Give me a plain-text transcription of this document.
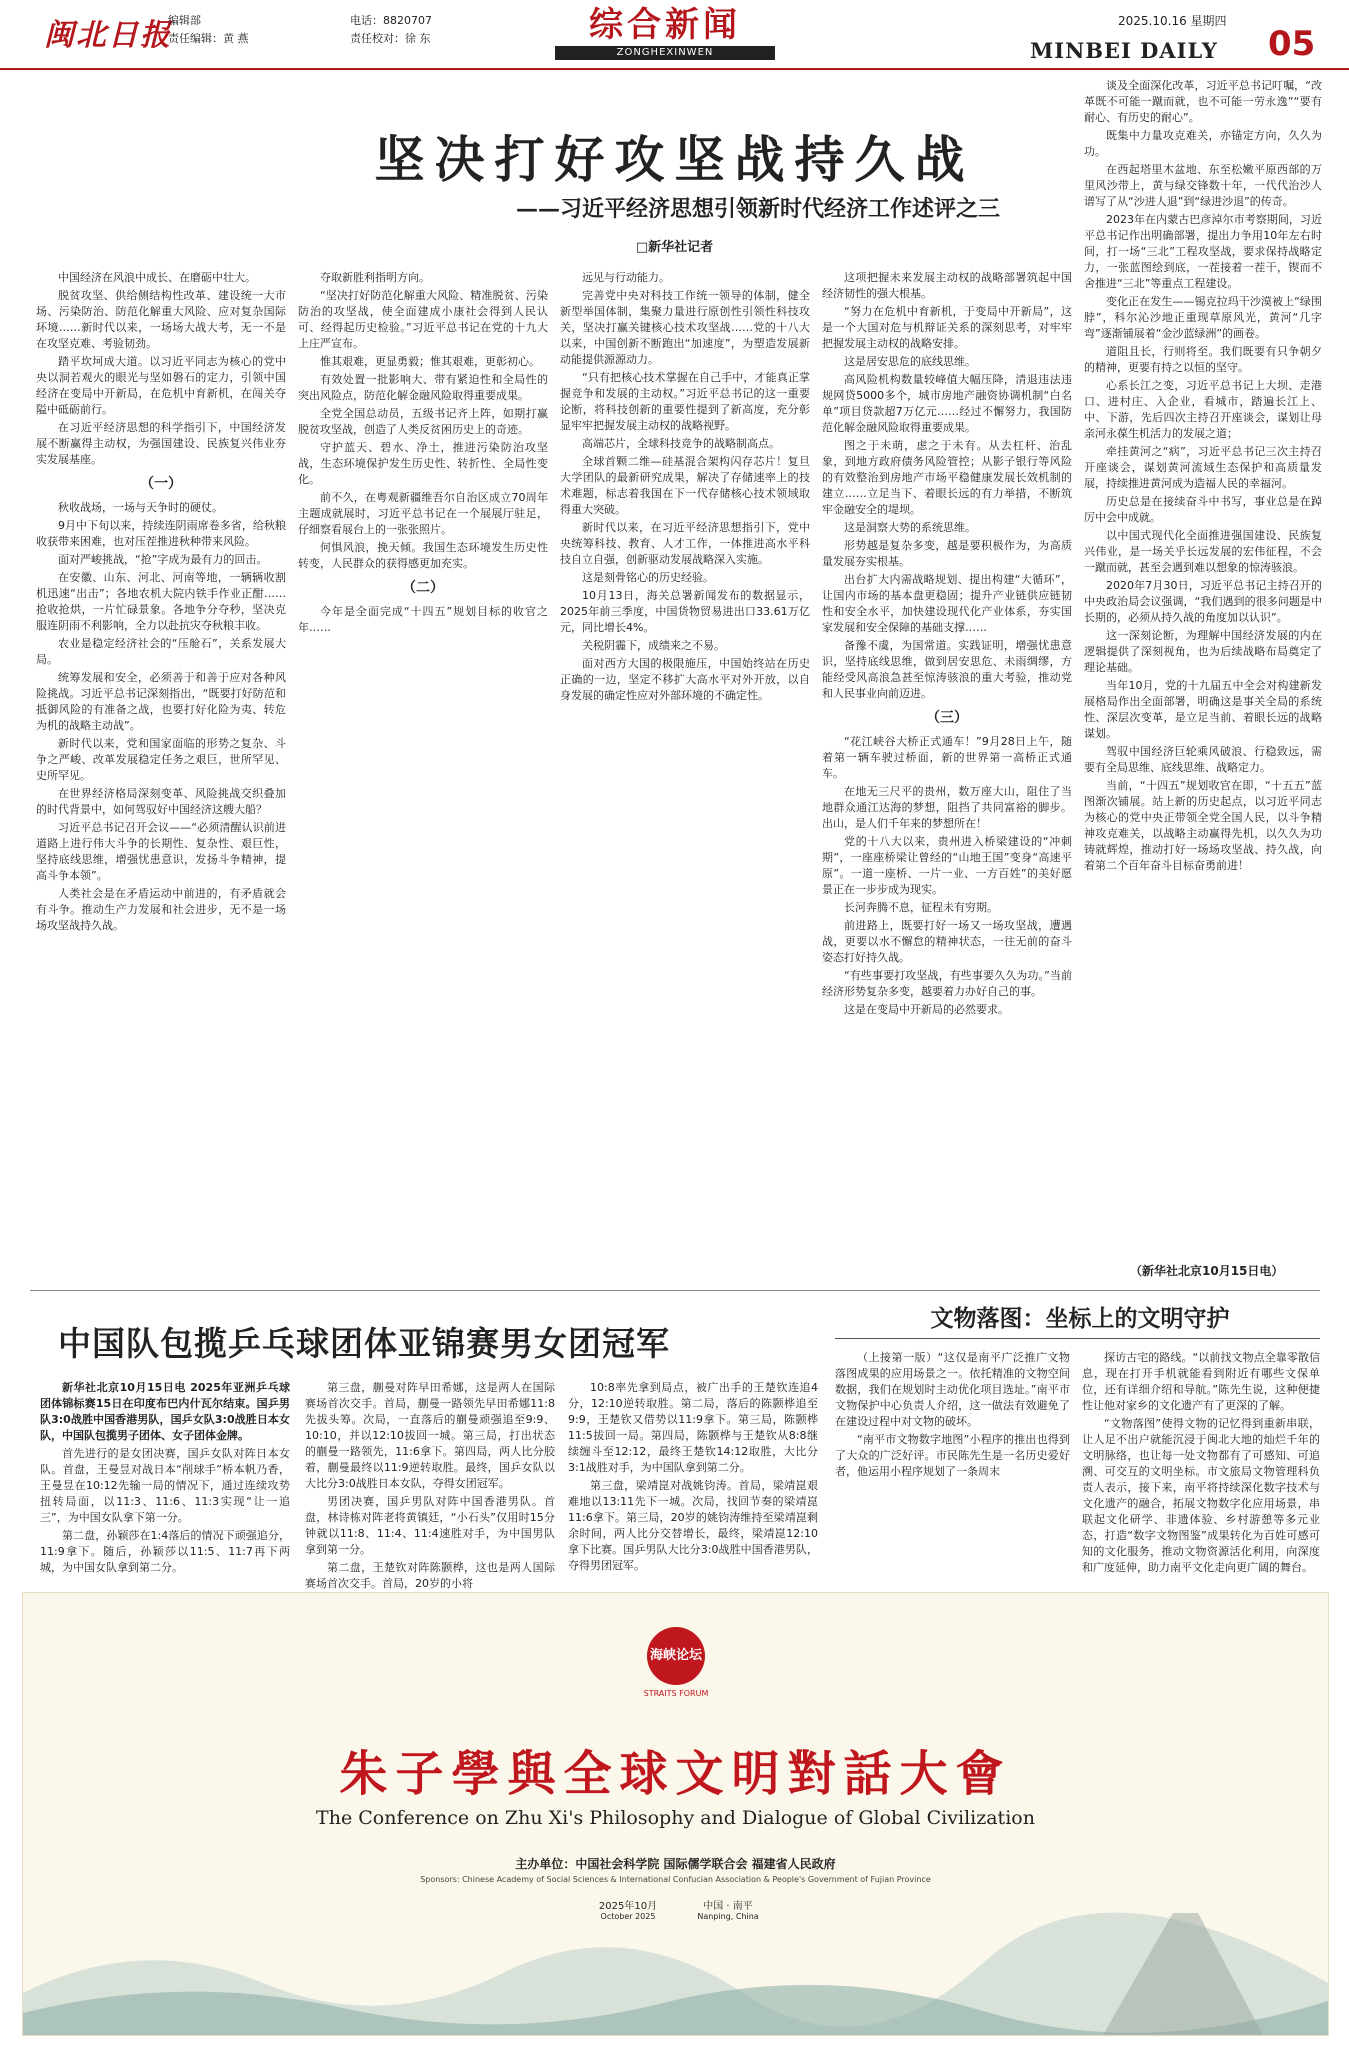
闽北日报
编辑部
责任编辑：黄 燕
电话：8820707
责任校对：徐 东	综合新闻
ZONGHEXINWEN
2025.10.16 星期四
MINBEI DAILY 05
坚决打好攻坚战持久战
——习近平经济思想引领新时代经济工作述评之三
□新华社记者

中国经济在风浪中成长、在磨砺中壮大。

脱贫攻坚、供给侧结构性改革、建设统一大市场、污染防治、防范化解重大风险、应对复杂国际环境……新时代以来，一场场大战大考，无一不是在攻坚克难、考验韧劲。

踏平坎坷成大道。以习近平同志为核心的党中央以洞若观火的眼光与坚如磐石的定力，引领中国经济在变局中开新局，在危机中育新机，在闯关夺隘中砥砺前行。

在习近平经济思想的科学指引下，中国经济发展不断赢得主动权，为强国建设、民族复兴伟业夯实发展基座。

（一）

秋收战场，一场与天争时的硬仗。

9月中下旬以来，持续连阴雨席卷多省，给秋粮收获带来困难，也对压茬推进秋种带来风险。

面对严峻挑战，“抢”字成为最有力的回击。

在安徽、山东、河北、河南等地，一辆辆收割机迅速“出击”；各地农机大院内铁手作业正酣……抢收抢烘，一片忙碌景象。各地争分夺秒，坚决克服连阴雨不利影响，全力以赴抗灾夺秋粮丰收。

农业是稳定经济社会的“压舱石”，关系发展大局。

统筹发展和安全，必须善于和善于应对各种风险挑战。习近平总书记深刻指出，“既要打好防范和抵御风险的有准备之战，也要打好化险为夷、转危为机的战略主动战”。

新时代以来，党和国家面临的形势之复杂、斗争之严峻、改革发展稳定任务之艰巨，世所罕见、史所罕见。

在世界经济格局深刻变革、风险挑战交织叠加的时代背景中，如何驾驭好中国经济这艘大船？

习近平总书记召开会议——“必须清醒认识前进道路上进行伟大斗争的长期性、复杂性、艰巨性，坚持底线思维，增强忧患意识，发扬斗争精神，提高斗争本领”。

人类社会是在矛盾运动中前进的，有矛盾就会有斗争。推动生产力发展和社会进步，无不是一场场攻坚战持久战。

夺取新胜利指明方向。

“坚决打好防范化解重大风险、精准脱贫、污染防治的攻坚战，使全面建成小康社会得到人民认可、经得起历史检验。”习近平总书记在党的十九大上庄严宣布。

惟其艰难，更显勇毅；惟其艰难，更彰初心。

有效处置一批影响大、带有紧迫性和全局性的突出风险点，防范化解金融风险取得重要成果。

全党全国总动员，五级书记齐上阵，如期打赢脱贫攻坚战，创造了人类反贫困历史上的奇迹。

守护蓝天、碧水、净土，推进污染防治攻坚战，生态环境保护发生历史性、转折性、全局性变化。

前不久，在粤观新疆维吾尔自治区成立70周年主题成就展时，习近平总书记在一个展展厅驻足，仔细察看展台上的一张张照片。

何惧风浪，挽天倾。我国生态环境发生历史性转变，人民群众的获得感更加充实。

（二）

今年是全面完成“十四五”规划目标的收官之年……

远见与行动能力。

完善党中央对科技工作统一领导的体制，健全新型举国体制，集聚力量进行原创性引领性科技攻关，坚决打赢关键核心技术攻坚战……党的十八大以来，中国创新不断跑出“加速度”，为塑造发展新动能提供源源动力。

“只有把核心技术掌握在自己手中，才能真正掌握竞争和发展的主动权。”习近平总书记的这一重要论断，将科技创新的重要性提到了新高度，充分彰显牢牢把握发展主动权的战略视野。

高端芯片，全球科技竞争的战略制高点。

全球首颗二维—硅基混合架构闪存芯片！复旦大学团队的最新研究成果，解决了存储速率上的技术难题，标志着我国在下一代存储核心技术领域取得重大突破。

新时代以来，在习近平经济思想指引下，党中央统筹科技、教育、人才工作，一体推进高水平科技自立自强，创新驱动发展战略深入实施。

这是刻骨铭心的历史经验。

10月13日，海关总署新闻发布的数据显示，2025年前三季度，中国货物贸易进出口33.61万亿元，同比增长4%。

关税阴霾下，成绩来之不易。

面对西方大国的极限施压，中国始终站在历史正确的一边，坚定不移扩大高水平对外开放，以自身发展的确定性应对外部环境的不确定性。

这项把握未来发展主动权的战略部署筑起中国经济韧性的强大根基。

“努力在危机中育新机，于变局中开新局”，这是一个大国对危与机辩证关系的深刻思考，对牢牢把握发展主动权的战略安排。

这是居安思危的底线思维。

高风险机构数量较峰值大幅压降，清退违法违规网贷5000多个，城市房地产融资协调机制“白名单”项目贷款超7万亿元……经过不懈努力，我国防范化解金融风险取得重要成果。

图之于未萌，虑之于未有。从去杠杆、治乱象，到地方政府债务风险管控；从影子银行等风险的有效整治到房地产市场平稳健康发展长效机制的建立……立足当下、着眼长远的有力举措，不断筑牢金融安全的堤坝。

这是洞察大势的系统思维。

形势越是复杂多变，越是要积极作为，为高质量发展夯实根基。

出台扩大内需战略规划、提出构建“大循环”，让国内市场的基本盘更稳固；提升产业链供应链韧性和安全水平，加快建设现代化产业体系，夯实国家发展和安全保障的基础支撑……

备豫不虞，为国常道。实践证明，增强忧患意识，坚持底线思维，做到居安思危、未雨绸缪，方能经受风高浪急甚至惊涛骇浪的重大考验，推动党和人民事业向前迈进。

（三）

“花江峡谷大桥正式通车！”9月28日上午，随着第一辆车驶过桥面，新的世界第一高桥正式通车。

在地无三尺平的贵州，数万座大山，阻住了当地群众通江达海的梦想，阻挡了共同富裕的脚步。出山，是人们千年来的梦想所在！

党的十八大以来，贵州进入桥梁建设的“冲刺期”，一座座桥梁让曾经的“山地王国”变身“高速平原”。一道一座桥、一片一业、一方百姓”的美好愿景正在一步步成为现实。

长河奔腾不息，征程未有穷期。

前进路上，既要打好一场又一场攻坚战，遭遇战，更要以水不懈怠的精神状态，一往无前的奋斗姿态打好持久战。

“有些事要打攻坚战，有些事要久久为功。”当前经济形势复杂多变，越要着力办好自己的事。

这是在变局中开新局的必然要求。

谈及全面深化改革，习近平总书记叮嘱，“改革既不可能一蹴而就，也不可能一劳永逸”“要有耐心、有历史的耐心”。

既集中力量攻克难关，亦锚定方向，久久为功。

在西起塔里木盆地、东至松嫩平原西部的万里风沙带上，黄与绿交锋数十年，一代代治沙人谱写了从“沙进人退”到“绿进沙退”的传奇。

2023年在内蒙古巴彦淖尔市考察期间，习近平总书记作出明确部署，提出力争用10年左右时间，打一场“三北”工程攻坚战，要求保持战略定力，一张蓝图绘到底，一茬接着一茬干，锲而不舍推进“三北”等重点工程建设。

变化正在发生——锡克拉玛干沙漠被上“绿围脖”，科尔沁沙地正重现草原风光，黄河“几字弯”逐渐铺展着“金沙蓝绿洲”的画卷。

道阻且长，行则将至。我们既要有只争朝夕的精神，更要有持之以恒的坚守。

心系长江之变，习近平总书记上大坝、走港口、进村庄、入企业，看城市，踏遍长江上、中、下游，先后四次主持召开座谈会，谋划让母亲河永葆生机活力的发展之道；

牵挂黄河之“病”，习近平总书记三次主持召开座谈会，谋划黄河流域生态保护和高质量发展，持续推进黄河成为造福人民的幸福河。

历史总是在接续奋斗中书写，事业总是在踔厉中会中成就。

以中国式现代化全面推进强国建设、民族复兴伟业，是一场关乎长远发展的宏伟征程，不会一蹴而就，甚至会遇到难以想象的惊涛骇浪。

2020年7月30日，习近平总书记主持召开的中央政治局会议强调，“我们遇到的很多问题是中长期的，必须从持久战的角度加以认识”。

这一深刻论断，为理解中国经济发展的内在逻辑提供了深刻视角，也为后续战略布局奠定了理论基础。

当年10月，党的十九届五中全会对构建新发展格局作出全面部署，明确这是事关全局的系统性、深层次变革，是立足当前、着眼长远的战略谋划。

驾驭中国经济巨轮乘风破浪、行稳致远，需要有全局思维、底线思维、战略定力。

当前，“十四五”规划收官在即，“十五五”蓝图渐次铺展。站上新的历史起点，以习近平同志为核心的党中央正带领全党全国人民，以斗争精神攻克难关，以战略主动赢得先机，以久久为功铸就辉煌，推动打好一场场攻坚战、持久战，向着第二个百年奋斗目标奋勇前进！

（新华社北京10月15日电）
中国队包揽乒乓球团体亚锦赛男女团冠军

新华社北京10月15日电 2025年亚洲乒乓球团体锦标赛15日在印度布巴内什瓦尔结束。国乒男队3:0战胜中国香港男队，国乒女队3:0战胜日本女队，中国队包揽男子团体、女子团体金牌。

首先进行的是女团决赛，国乒女队对阵日本女队。首盘，王曼昱对战日本“削球手”桥本帆乃香，王曼昱在10:12先输一局的情况下，通过连续攻势扭转局面，以11:3、11:6、11:3实现“让一追三”，为中国女队拿下第一分。

第二盘，孙颖莎在1:4落后的情况下顽强追分，11:9拿下。随后，孙颖莎以11:5、11:7再下两城，为中国女队拿到第二分。

第三盘，蒯曼对阵早田希娜，这是两人在国际赛场首次交手。首局，蒯曼一路领先早田希娜11:8先拔头筹。次局，一直落后的蒯曼顽强追至9:9、10:10，并以12:10拔回一城。第三局，打出状态的蒯曼一路领先，11:6拿下。第四局，两人比分胶着，蒯曼最终以11:9逆转取胜。最终，国乒女队以大比分3:0战胜日本女队，夺得女团冠军。

男团决赛，国乒男队对阵中国香港男队。首盘，林诗栋对阵老将黄镇廷，“小石头”仅用时15分钟就以11:8、11:4、11:4速胜对手，为中国男队拿到第一分。

第二盘，王楚钦对阵陈颢桦，这也是两人国际赛场首次交手。首局，20岁的小将

10:8率先拿到局点，被广出手的王楚钦连追4分，12:10逆转取胜。第二局，落后的陈颢桦追至9:9，王楚钦又借势以11:9拿下。第三局，陈颢桦11:5拔回一局。第四局，陈颢桦与王楚钦从8:8继续缠斗至12:12，最终王楚钦14:12取胜，大比分3:1战胜对手，为中国队拿到第二分。

第三盘，梁靖崑对战姚钧涛。首局，梁靖崑艰难地以13:11先下一城。次局，找回节奏的梁靖崑11:6拿下。第三局，20岁的姚钧涛维持至梁靖崑剩余时间，两人比分交替增长，最终，梁靖崑12:10拿下比赛。国乒男队大比分3:0战胜中国香港男队，夺得男团冠军。

文物落图：坐标上的文明守护

（上接第一版）“这仅是南平广泛推广文物落图成果的应用场景之一。依托精准的文物空间数据，我们在规划时主动优化项目选址。”南平市文物保护中心负责人介绍，这一做法有效避免了在建设过程中对文物的破坏。

“南平市文物数字地图”小程序的推出也得到了大众的广泛好评。市民陈先生是一名历史爱好者，他运用小程序规划了一条周末

探访古宅的路线。“以前找文物点全靠零散信息，现在打开手机就能看到附近有哪些文保单位，还有详细介绍和导航。”陈先生说，这种便捷性让他对家乡的文化遗产有了更深的了解。

“文物落图”使得文物的记忆得到重新串联，让人足不出户就能沉浸于闽北大地的灿烂千年的文明脉络，也让每一处文物都有了可感知、可追溯、可交互的文明坐标。市文旅局文物管理科负责人表示，接下来，南平将持续深化数字技术与文化遗产的融合，拓展文物数字化应用场景，串联起文化研学、非遗体验、乡村游憩等多元业态，打造“数字文物图鉴”成果转化为百姓可感可知的文化服务，推动文物资源活化利用，向深度和广度延伸，助力南平文化走向更广阔的舞台。

海峡论坛
STRAITS FORUM
朱子學與全球文明對話大會
The Conference on Zhu Xi's Philosophy and Dialogue of Global Civilization
主办单位：中国社会科学院 国际儒学联合会 福建省人民政府
Sponsors: Chinese Academy of Social Sciences & International Confucian Association & People's Government of Fujian Province
2025年10月
October 2025
中国 · 南平
Nanping, China
